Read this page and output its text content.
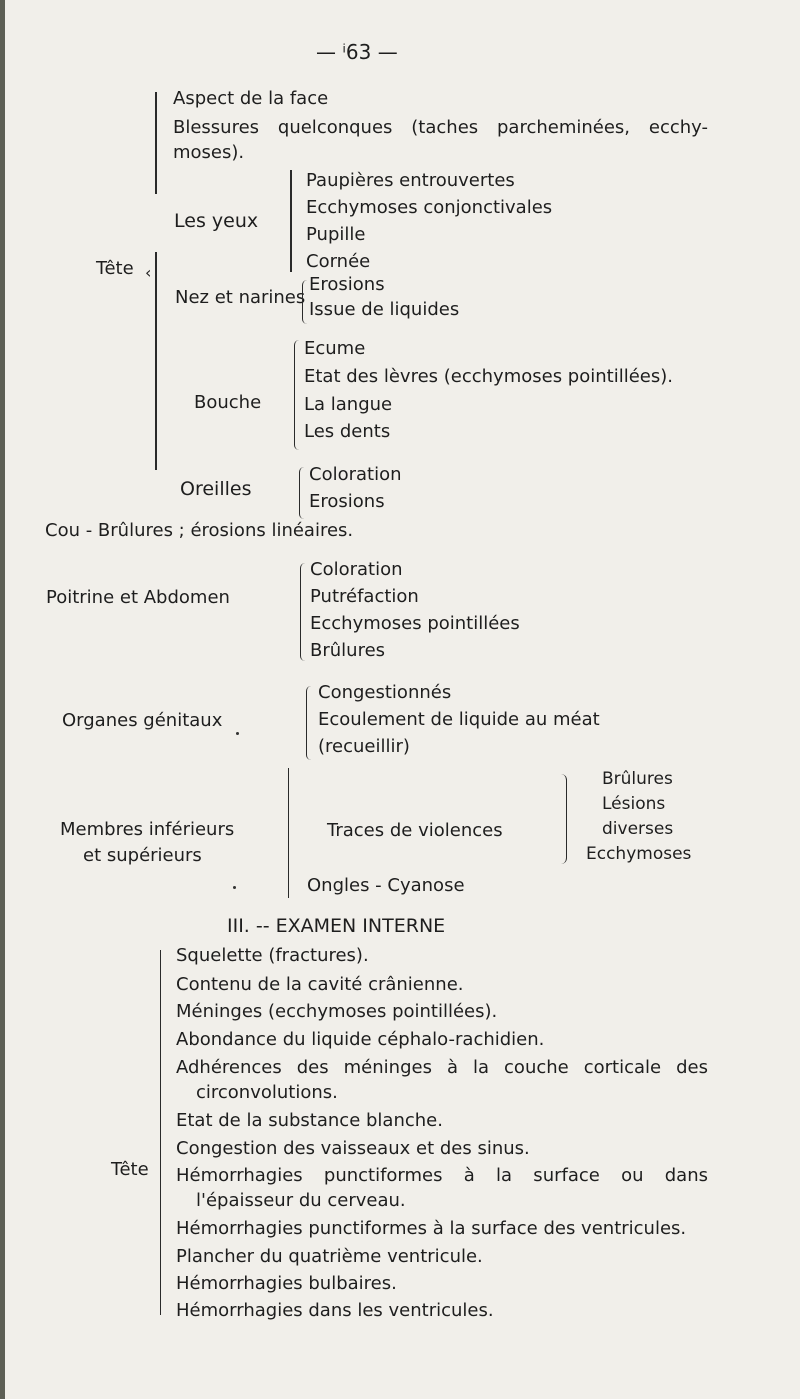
— ⁱ63 —
Tête ‹
Aspect de la face
Blessures quelconques (taches parcheminées, ecchy-
moses).
Les yeux
Paupières entrouvertes
Ecchymoses conjonctivales
Pupille
Cornée
Nez et narines
Erosions
Issue de liquides
Bouche
Ecume
Etat des lèvres (ecchymoses pointillées).
La langue
Les dents
Oreilles
Coloration
Erosions
Cou - Brûlures ; érosions linéaires.
Poitrine et Abdomen
Coloration
Putréfaction
Ecchymoses pointillées
Brûlures
Organes génitaux
Congestionnés
Ecoulement de liquide au méat
(recueillir)
Membres inférieurs
et supérieurs
Traces de violences
Brûlures
Lésions
diverses
Ecchymoses
Ongles - Cyanose
III. -- EXAMEN INTERNE
Tête
Squelette (fractures).
Contenu de la cavité crânienne.
Méninges (ecchymoses pointillées).
Abondance du liquide céphalo-rachidien.
Adhérences des méninges à la couche corticale des
circonvolutions.
Etat de la substance blanche.
Congestion des vaisseaux et des sinus.
Hémorrhagies punctiformes à la surface ou dans
l'épaisseur du cerveau.
Hémorrhagies punctiformes à la surface des ventricules.
Plancher du quatrième ventricule.
Hémorrhagies bulbaires.
Hémorrhagies dans les ventricules.
